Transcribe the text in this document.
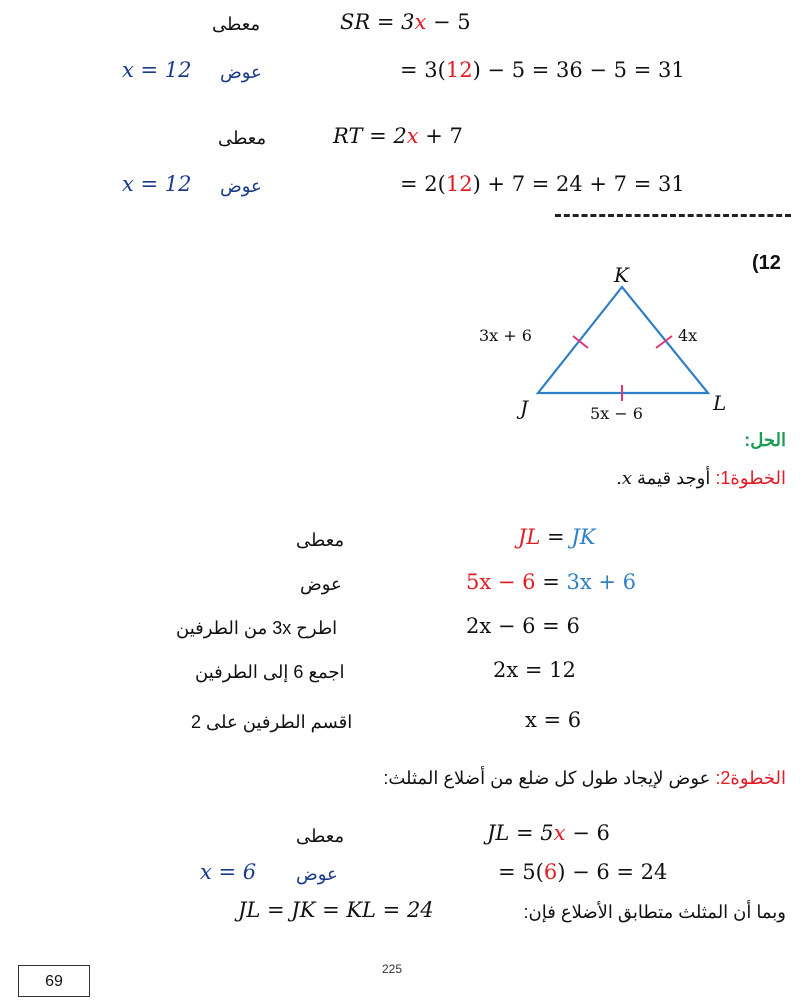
معطى	SR = 3x − 5
x = 12 عوض	= 3(12) − 5 = 36 − 5 = 31
معطى	RT = 2x + 7
x = 12 عوض	= 2(12) + 7 = 24 + 7 = 31
(12
K
J	L
3x + 6	4x
5x − 6
الحل:
الخطوة1: أوجد قيمة x.
معطى	JL = JK
عوض	5x − 6 = 3x + 6
اطرح 3x من الطرفين	2x − 6 = 6
اجمع 6 إلى الطرفين	2x = 12
اقسم الطرفين على 2	x = 6
الخطوة2: عوض لإيجاد طول كل ضلع من أضلاع المثلث:
معطى	JL = 5x − 6
x = 6 عوض	= 5(6) − 6 = 24
JL = JK = KL = 24	وبما أن المثلث متطابق الأضلاع فإن:
225
69
